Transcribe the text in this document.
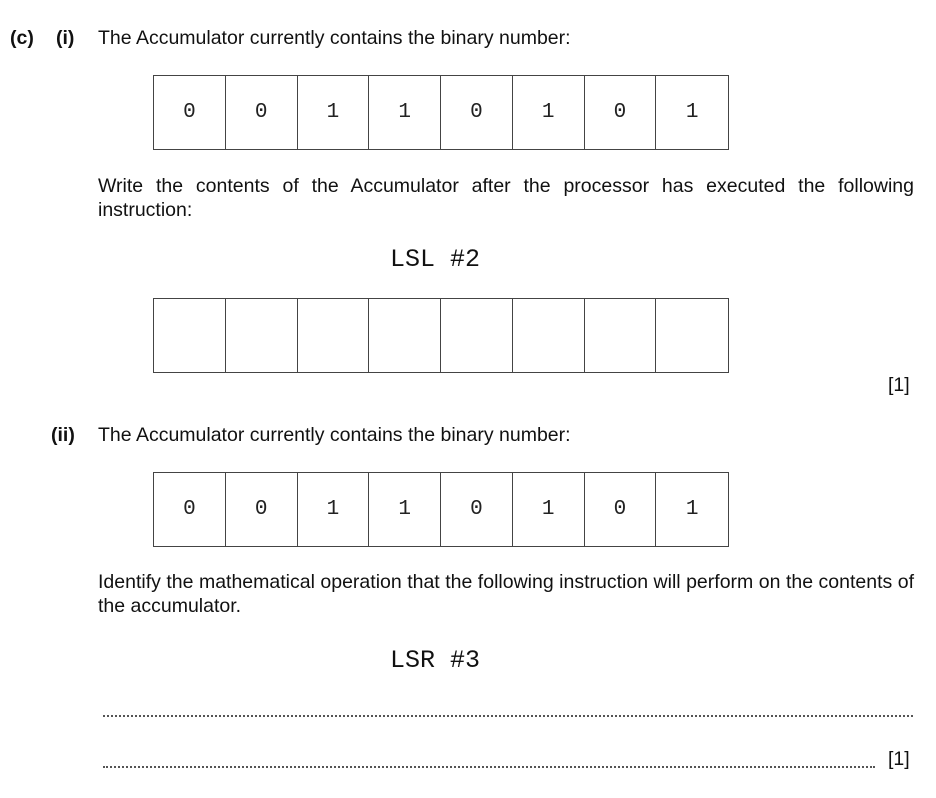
(c) (i) The Accumulator currently contains the binary number:
0	0	1	1	0	1	0	1
Write the contents of the Accumulator after the processor has executed the following instruction:
LSL #2
[1]
(ii) The Accumulator currently contains the binary number:
0	0	1	1	0	1	0	1
Identify the mathematical operation that the following instruction will perform on the contents of the accumulator.
LSR #3
[1]
